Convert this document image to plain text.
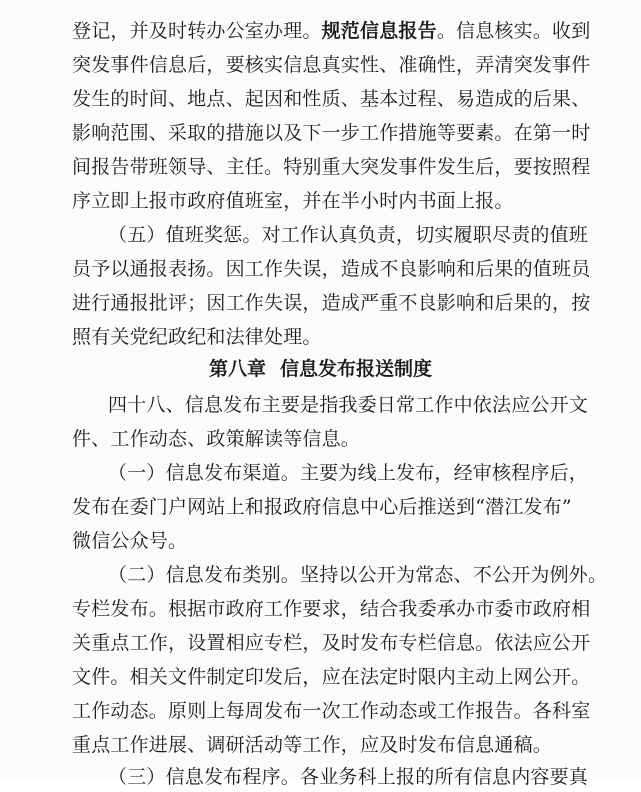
登记，并及时转办公室办理。规范信息报告。信息核实。收到
突发事件信息后，要核实信息真实性、准确性，弄清突发事件
发生的时间、地点、起因和性质、基本过程、易造成的后果、
影响范围、采取的措施以及下一步工作措施等要素。在第一时
间报告带班领导、主任。特别重大突发事件发生后，要按照程
序立即上报市政府值班室，并在半小时内书面上报。
（五）值班奖惩。对工作认真负责，切实履职尽责的值班
员予以通报表扬。因工作失误，造成不良影响和后果的值班员
进行通报批评；因工作失误，造成严重不良影响和后果的，按
照有关党纪政纪和法律处理。
第八章 信息发布报送制度
四十八、信息发布主要是指我委日常工作中依法应公开文
件、工作动态、政策解读等信息。
（一）信息发布渠道。主要为线上发布，经审核程序后，
发布在委门户网站上和报政府信息中心后推送到“潜江发布”
微信公众号。
（二）信息发布类别。坚持以公开为常态、不公开为例外。
专栏发布。根据市政府工作要求，结合我委承办市委市政府相
关重点工作，设置相应专栏，及时发布专栏信息。依法应公开
文件。相关文件制定印发后，应在法定时限内主动上网公开。
工作动态。原则上每周发布一次工作动态或工作报告。各科室
重点工作进展、调研活动等工作，应及时发布信息通稿。
（三）信息发布程序。各业务科上报的所有信息内容要真
